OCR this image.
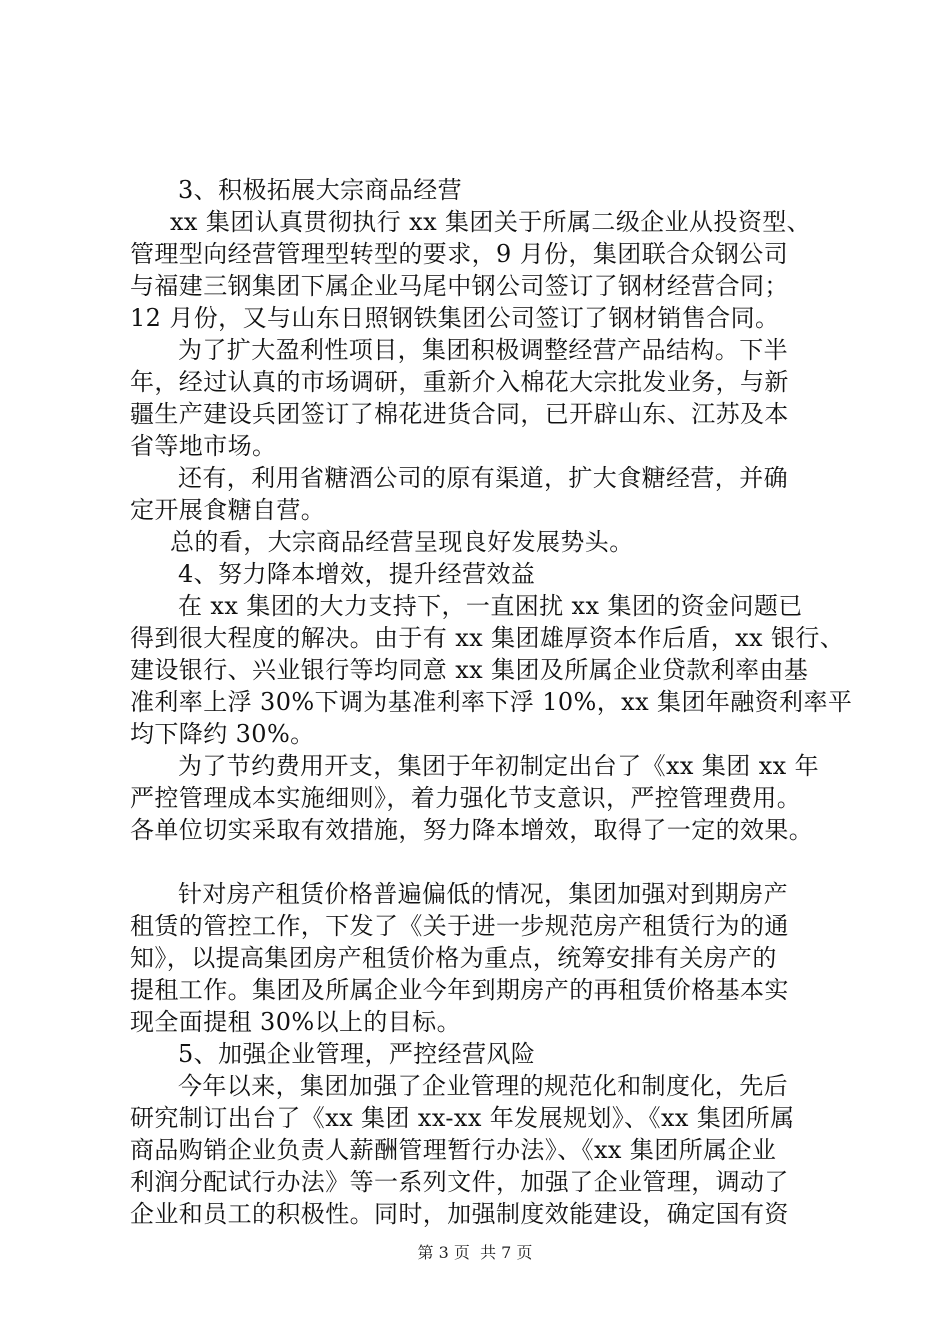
3、积极拓展大宗商品经营
xx 集团认真贯彻执行 xx 集团关于所属二级企业从投资型、
管理型向经营管理型转型的要求，9 月份，集团联合众钢公司
与福建三钢集团下属企业马尾中钢公司签订了钢材经营合同；
12 月份，又与山东日照钢铁集团公司签订了钢材销售合同。
为了扩大盈利性项目，集团积极调整经营产品结构。下半
年，经过认真的市场调研，重新介入棉花大宗批发业务，与新
疆生产建设兵团签订了棉花进货合同，已开辟山东、江苏及本
省等地市场。
还有，利用省糖酒公司的原有渠道，扩大食糖经营，并确
定开展食糖自营。
总的看，大宗商品经营呈现良好发展势头。
4、努力降本增效，提升经营效益
在 xx 集团的大力支持下，一直困扰 xx 集团的资金问题已
得到很大程度的解决。由于有 xx 集团雄厚资本作后盾，xx 银行、
建设银行、兴业银行等均同意 xx 集团及所属企业贷款利率由基
准利率上浮 30%下调为基准利率下浮 10%，xx 集团年融资利率平
均下降约 30%。
为了节约费用开支，集团于年初制定出台了《xx 集团 xx 年
严控管理成本实施细则》，着力强化节支意识，严控管理费用。
各单位切实采取有效措施，努力降本增效，取得了一定的效果。
针对房产租赁价格普遍偏低的情况，集团加强对到期房产
租赁的管控工作，下发了《关于进一步规范房产租赁行为的通
知》，以提高集团房产租赁价格为重点，统筹安排有关房产的
提租工作。集团及所属企业今年到期房产的再租赁价格基本实
现全面提租 30%以上的目标。
5、加强企业管理，严控经营风险
今年以来，集团加强了企业管理的规范化和制度化，先后
研究制订出台了《xx 集团 xx-xx 年发展规划》、《xx 集团所属
商品购销企业负责人薪酬管理暂行办法》、《xx 集团所属企业
利润分配试行办法》等一系列文件，加强了企业管理，调动了
企业和员工的积极性。同时，加强制度效能建设，确定国有资
第 3 页  共 7 页
